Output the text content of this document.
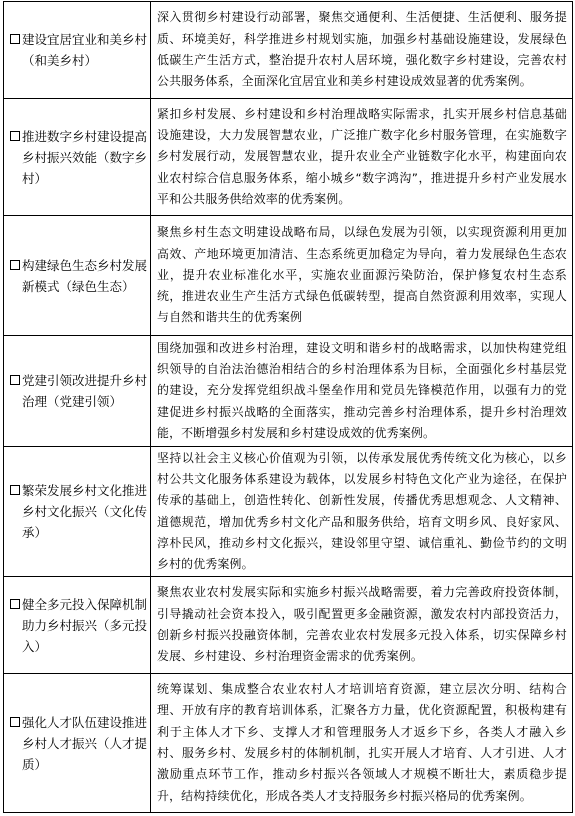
建设宜居宜业和美乡村（和美乡村）	深入贯彻乡村建设行动部署，聚焦交通便利、生活便捷、生活便利、服务提质、环境美好，科学推进乡村规划实施，加强乡村基础设施建设，发展绿色低碳生产生活方式，整治提升农村人居环境，强化数字乡村建设，完善农村公共服务体系，全面深化宜居宜业和美乡村建设成效显著的优秀案例。

推进数字乡村建设提高乡村振兴效能（数字乡村）	紧扣乡村发展、乡村建设和乡村治理战略实际需求，扎实开展乡村信息基础设施建设，大力发展智慧农业，广泛推广数字化乡村服务管理，在实施数字乡村发展行动，发展智慧农业，提升农业全产业链数字化水平，构建面向农业农村综合信息服务体系，缩小城乡“数字鸿沟”，推进提升乡村产业发展水平和公共服务供给效率的优秀案例。

构建绿色生态乡村发展新模式（绿色生态）	聚焦乡村生态文明建设战略布局，以绿色发展为引领，以实现资源利用更加高效、产地环境更加清洁、生态系统更加稳定为导向，着力发展绿色生态农业，提升农业标准化水平，实施农业面源污染防治，保护修复农村生态系统，推进农业生产生活方式绿色低碳转型，提高自然资源利用效率，实现人与自然和谐共生的优秀案例

党建引领改进提升乡村治理（党建引领）	围绕加强和改进乡村治理，建设文明和谐乡村的战略需求，以加快构建党组织领导的自治法治德治相结合的乡村治理体系为目标，全面强化乡村基层党的建设，充分发挥党组织战斗堡垒作用和党员先锋模范作用，以强有力的党建促进乡村振兴战略的全面落实，推动完善乡村治理体系，提升乡村治理效能，不断增强乡村发展和乡村建设成效的优秀案例。

繁荣发展乡村文化推进乡村文化振兴（文化传承）	坚持以社会主义核心价值观为引领，以传承发展优秀传统文化为核心，以乡村公共文化服务体系建设为载体，以发展乡村特色文化产业为途径，在保护传承的基础上，创造性转化、创新性发展，传播优秀思想观念、人文精神、道德规范，增加优秀乡村文化产品和服务供给，培育文明乡风、良好家风、淳朴民风，推动乡村文化振兴，建设邻里守望、诚信重礼、勤俭节约的文明乡村的优秀案例。

健全多元投入保障机制助力乡村振兴（多元投入）	聚焦农业农村发展实际和实施乡村振兴战略需要，着力完善政府投资体制，引导撬动社会资本投入，吸引配置更多金融资源，激发农村内部投资活力，创新乡村振兴投融资体制，完善农业农村发展多元投入体系，切实保障乡村发展、乡村建设、乡村治理资金需求的优秀案例。

强化人才队伍建设推进乡村人才振兴（人才提质）	统筹谋划、集成整合农业农村人才培训培育资源，建立层次分明、结构合理、开放有序的教育培训体系，汇聚各方力量，优化资源配置，积极构建有利于主体人才下乡、支撑人才和管理服务人才返乡下乡，各类人才融入乡村、服务乡村、发展乡村的体制机制，扎实开展人才培育、人才引进、人才激励重点环节工作，推动乡村振兴各领域人才规模不断壮大，素质稳步提升，结构持续优化，形成各类人才支持服务乡村振兴格局的优秀案例。
